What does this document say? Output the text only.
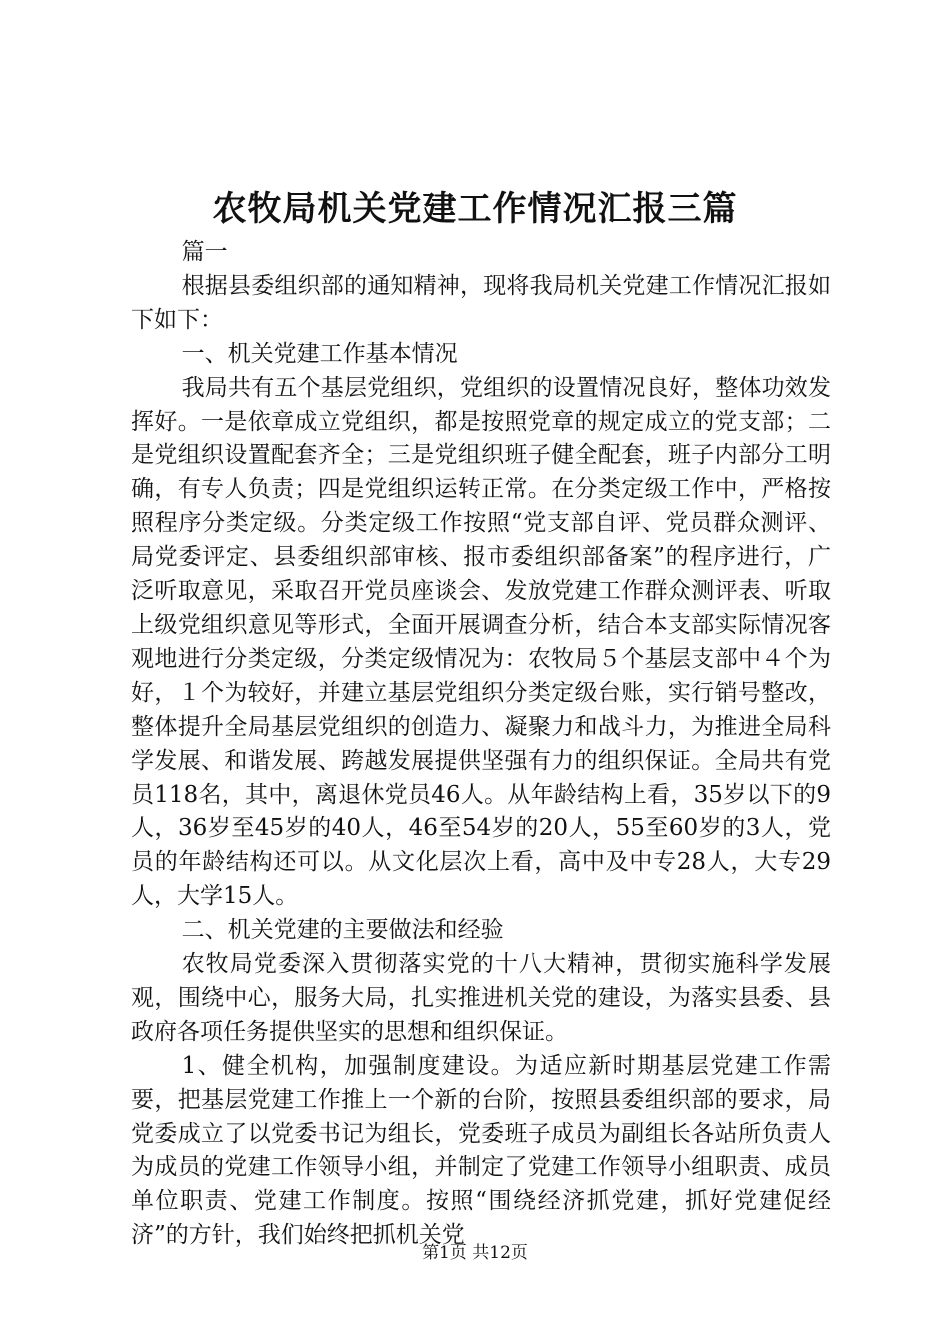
农牧局机关党建工作情况汇报三篇

篇一

根据县委组织部的通知精神，现将我局机关党建工作情况汇报如下如下：

一、机关党建工作基本情况

我局共有五个基层党组织，党组织的设置情况良好，整体功效发挥好。一是依章成立党组织，都是按照党章的规定成立的党支部；二是党组织设置配套齐全；三是党组织班子健全配套，班子内部分工明确，有专人负责；四是党组织运转正常。在分类定级工作中，严格按照程序分类定级。分类定级工作按照“党支部自评、党员群众测评、局党委评定、县委组织部审核、报市委组织部备案”的程序进行，广泛听取意见，采取召开党员座谈会、发放党建工作群众测评表、听取上级党组织意见等形式，全面开展调查分析，结合本支部实际情况客观地进行分类定级，分类定级情况为：农牧局５个基层支部中４个为好，１个为较好，并建立基层党组织分类定级台账，实行销号整改，整体提升全局基层党组织的创造力、凝聚力和战斗力，为推进全局科学发展、和谐发展、跨越发展提供坚强有力的组织保证。全局共有党员118名，其中，离退休党员46人。从年龄结构上看，35岁以下的9人，36岁至45岁的40人，46至54岁的20人，55至60岁的3人，党员的年龄结构还可以。从文化层次上看，高中及中专28人，大专29人，大学15人。

二、机关党建的主要做法和经验

农牧局党委深入贯彻落实党的十八大精神，贯彻实施科学发展观，围绕中心，服务大局，扎实推进机关党的建设，为落实县委、县政府各项任务提供坚实的思想和组织保证。

1、健全机构，加强制度建设。为适应新时期基层党建工作需要，把基层党建工作推上一个新的台阶，按照县委组织部的要求，局党委成立了以党委书记为组长，党委班子成员为副组长各站所负责人为成员的党建工作领导小组，并制定了党建工作领导小组职责、成员单位职责、党建工作制度。按照“围绕经济抓党建，抓好党建促经济”的方针，我们始终把抓机关党

第1页 共12页
